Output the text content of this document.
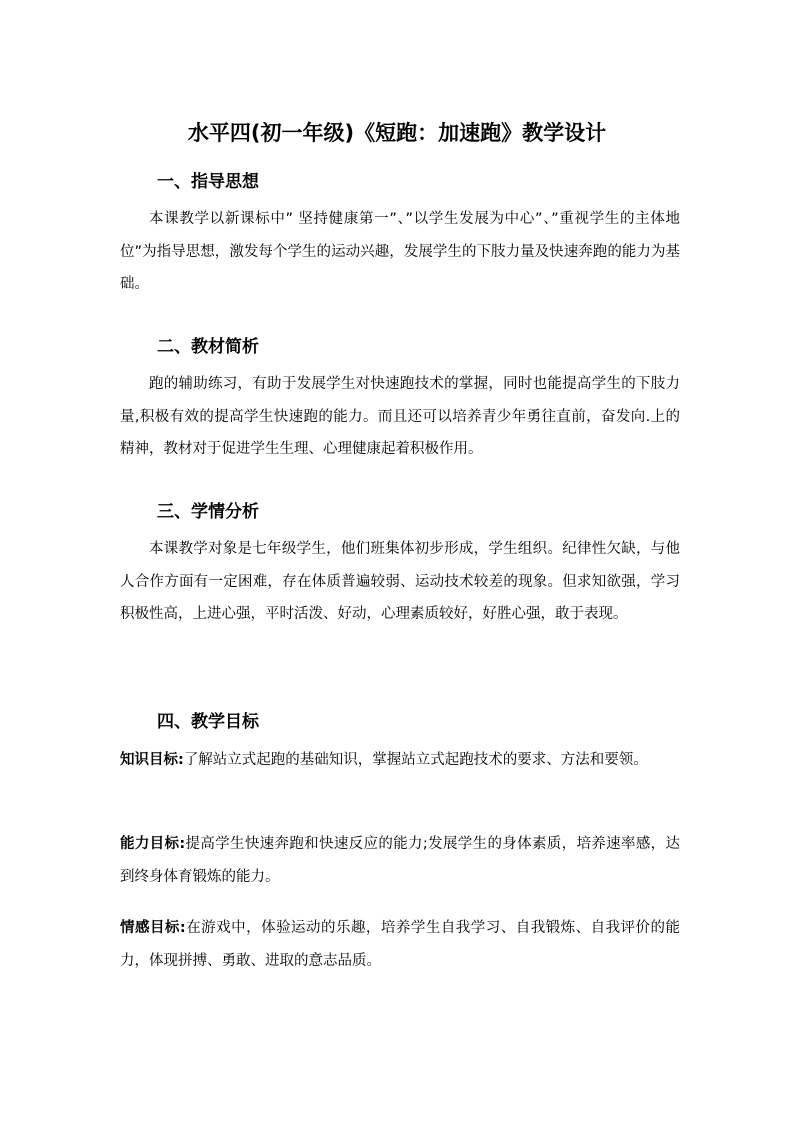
水平四(初一年级)《短跑：加速跑》教学设计
一、指导思想
本课教学以新课标中” 坚持健康第一”、”以学生发展为中心”、”重视学生的主体地位”为指导思想，激发每个学生的运动兴趣，发展学生的下肢力量及快速奔跑的能力为基础。
二、教材简析
跑的辅助练习，有助于发展学生对快速跑技术的掌握，同时也能提高学生的下肢力量,积极有效的提高学生快速跑的能力。而且还可以培养青少年勇往直前，奋发向.上的精神，教材对于促进学生生理、心理健康起着积极作用。
三、学情分析
本课教学对象是七年级学生，他们班集体初步形成，学生组织。纪律性欠缺，与他人合作方面有一定困难，存在体质普遍较弱、运动技术较差的现象。但求知欲强，学习积极性高，上进心强，平时活泼、好动，心理素质较好，好胜心强，敢于表现。
四、教学目标
知识目标:了解站立式起跑的基础知识，掌握站立式起跑技术的要求、方法和要领。
能力目标:提高学生快速奔跑和快速反应的能力;发展学生的身体素质，培养速率感，达到终身体育锻炼的能力。
情感目标:在游戏中，体验运动的乐趣，培养学生自我学习、自我锻炼、自我评价的能力，体现拼搏、勇敢、进取的意志品质。
